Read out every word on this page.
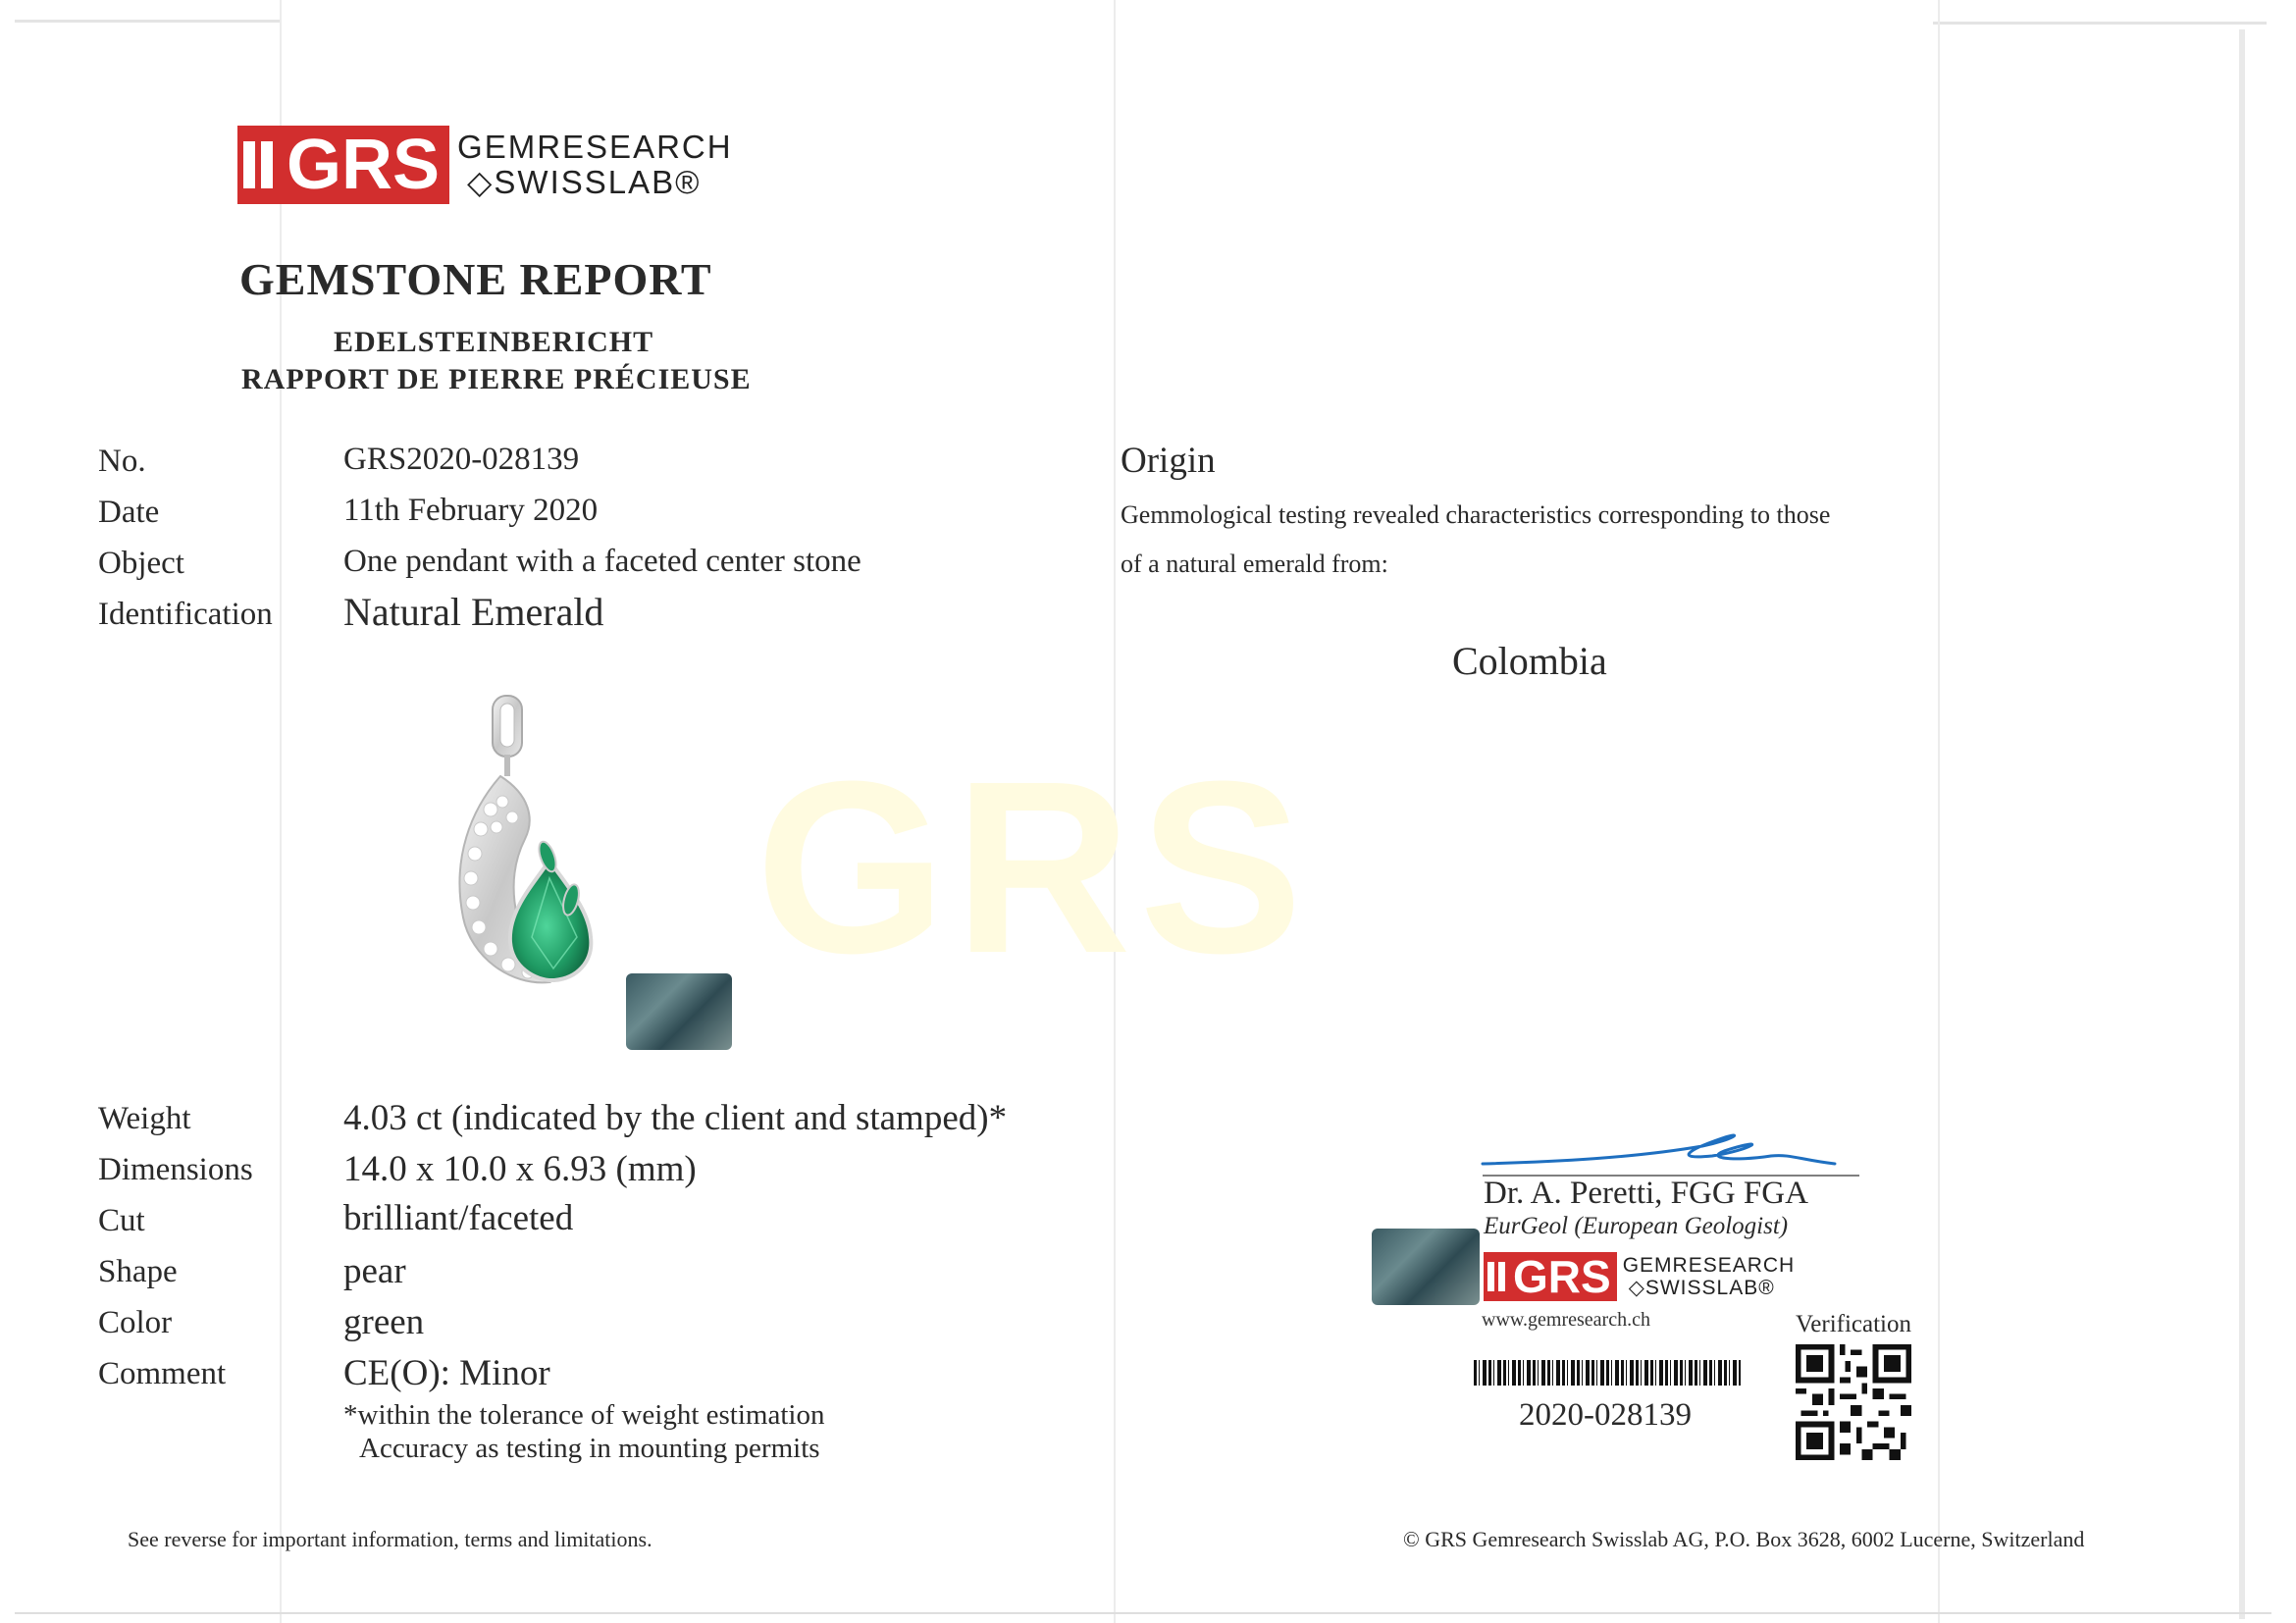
GRS
GRS GEMRESEARCH
◇ SWISSLAB®
GEMSTONE REPORT
EDELSTEINBERICHT
RAPPORT DE PIERRE PRÉCIEUSE
No.	GRS2020-028139
Date	11th February 2020
Object	One pendant with a faceted center stone
Identification Natural Emerald
Weight	4.03 ct (indicated by the client and stamped)*
Dimensions 14.0 x 10.0 x 6.93 (mm)
Cut	brilliant/faceted
Shape	pear
Color	green
Comment	CE(O): Minor
*within the tolerance of weight estimation
Accuracy as testing in mounting permits
Origin
Gemmological testing revealed characteristics corresponding to those
of a natural emerald from:
Colombia
Dr. A. Peretti, FGG FGA
EurGeol (European Geologist)
GRS GEMRESEARCH
◇ SWISSLAB®
www.gemresearch.ch
2020-028139
Verification
See reverse for important information, terms and limitations.	© GRS Gemresearch Swisslab AG, P.O. Box 3628, 6002 Lucerne, Switzerland
